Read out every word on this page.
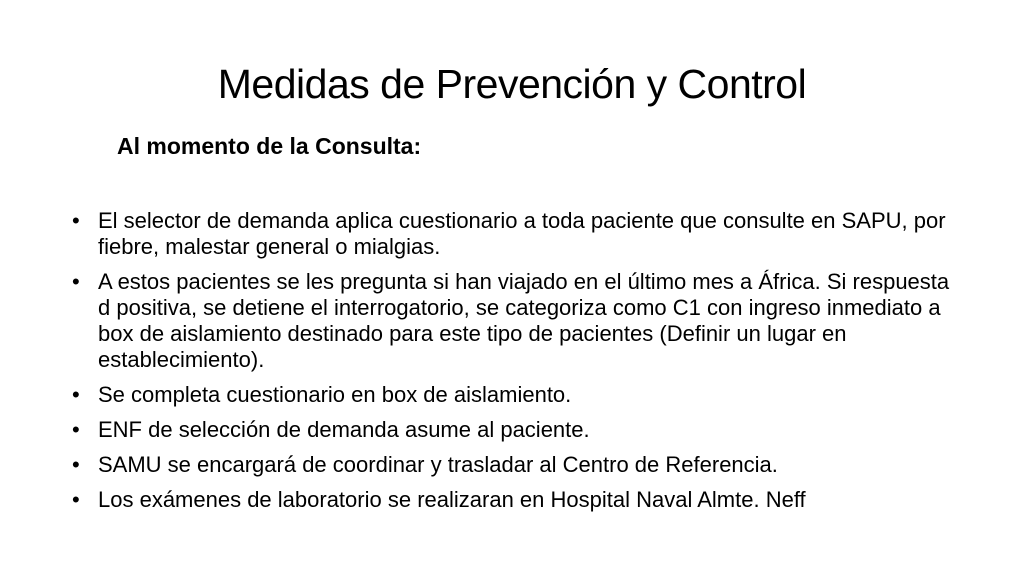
Medidas de Prevención y Control

Al momento de la Consulta:

• El selector de demanda aplica cuestionario a toda paciente que consulte en SAPU, por fiebre, malestar general o mialgias.
• A estos pacientes se les pregunta si han viajado en el último mes a África. Si respuesta d positiva, se detiene el interrogatorio, se categoriza como C1 con ingreso inmediato a box de aislamiento destinado para este tipo de pacientes (Definir un lugar en establecimiento).
• Se completa cuestionario en box de aislamiento.
• ENF de selección de demanda asume al paciente.
• SAMU se encargará de coordinar y trasladar al Centro de Referencia.
• Los exámenes de laboratorio se realizaran en Hospital Naval Almte. Neff
